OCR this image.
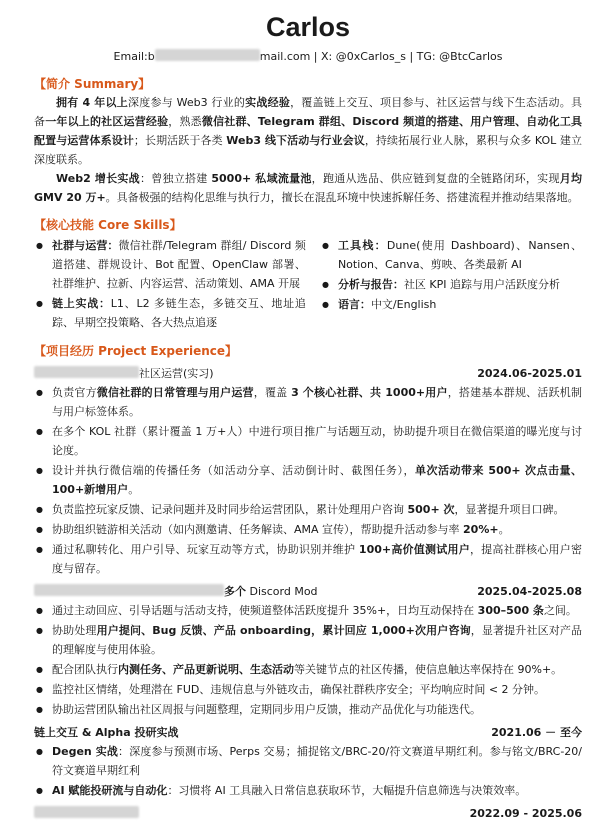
Carlos
Email:b	mail.com | X: @0xCarlos_s | TG: @BtcCarlos
【简介 Summary】

拥有 4 年以上深度参与 Web3 行业的实战经验，覆盖链上交互、项目参与、社区运营与线下生态活动。具备一年以上的社区运营经验，熟悉微信社群、Telegram 群组、Discord 频道的搭建、用户管理、自动化工具配置与运营体系设计；长期活跃于各类 Web3 线下活动与行业会议，持续拓展行业人脉，累积与众多 KOL 建立深度联系。

Web2 增长实战：曾独立搭建 5000+ 私域流量池，跑通从选品、供应链到复盘的全链路闭环，实现月均 GMV 20 万+。具备极强的结构化思维与执行力，擅长在混乱环境中快速拆解任务、搭建流程并推动结果落地。

【核心技能 Core Skills】
● 社群与运营：微信社群/Telegram 群组/ Discord 频道搭建、群规设计、Bot 配置、OpenClaw 部署、社群维护、拉新、内容运营、活动策划、AMA 开展
● 链上实战：L1、L2 多链生态，多链交互、地址追踪、早期空投策略、各大热点追逐
● 工具栈：Dune(使用 Dashboard)、Nansen、Notion、Canva、剪映、各类最新 AI
● 分析与报告：社区 KPI 追踪与用户活跃度分析
● 语言：中文/English
【项目经历 Project Experience】
社区运营(实习)	2024.06-2025.01
● 负责官方微信社群的日常管理与用户运营，覆盖 3 个核心社群、共 1000+用户，搭建基本群规、活跃机制与用户标签体系。
● 在多个 KOL 社群（累计覆盖 1 万+人）中进行项目推广与话题互动，协助提升项目在微信渠道的曝光度与讨论度。
● 设计并执行微信端的传播任务（如活动分享、活动倒计时、截图任务），单次活动带来 500+ 次点击量、100+新增用户。
● 负责监控玩家反馈、记录问题并及时同步给运营团队，累计处理用户咨询 500+ 次，显著提升项目口碑。
● 协助组织链游相关活动（如内测邀请、任务解读、AMA 宣传），帮助提升活动参与率 20%+。
● 通过私聊转化、用户引导、玩家互动等方式，协助识别并维护 100+高价值测试用户，提高社群核心用户密度与留存。
多个 Discord Mod	2025.04-2025.08
● 通过主动回应、引导话题与活动支持，使频道整体活跃度提升 35%+，日均互动保持在 300–500 条之间。
● 协助处理用户提问、Bug 反馈、产品 onboarding，累计回应 1,000+次用户咨询，显著提升社区对产品的理解度与使用体验。
● 配合团队执行内测任务、产品更新说明、生态活动等关键节点的社区传播，使信息触达率保持在 90%+。
● 监控社区情绪，处理潜在 FUD、违规信息与外链攻击，确保社群秩序安全；平均响应时间 < 2 分钟。
● 协助运营团队输出社区周报与问题整理，定期同步用户反馈，推动产品优化与功能迭代。
链上交互 & Alpha 投研实战	2021.06 － 至今
● Degen 实战：深度参与预测市场、Perps 交易；捕捉铭文/BRC-20/符文赛道早期红利。参与铭文/BRC-20/符文赛道早期红利
● AI 赋能投研流与自动化：习惯将 AI 工具融入日常信息获取环节，大幅提升信息筛选与决策效率。
2022.09 - 2025.06
